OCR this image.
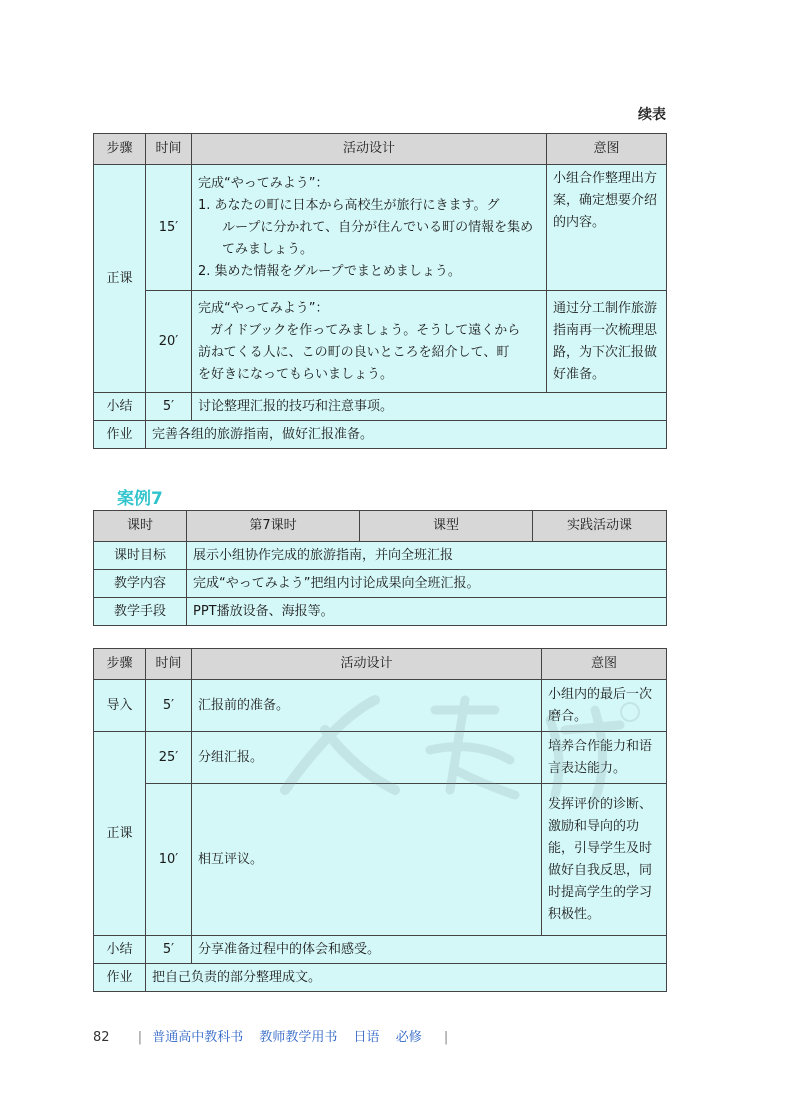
续表
步骤	时间	活动设计	意图
正课	15′	完成“やってみよう”：
1. あなたの町に日本から高校生が旅行にきます。グ
ループに分かれて、自分が住んでいる町の情報を集め
てみましょう。
2. 集めた情報をグループでまとめましょう。	小组合作整理出方案，确定想要介绍的内容。
	20′	完成“やってみよう”：
ガイドブックを作ってみましょう。そうして遠くから
訪ねてくる人に、この町の良いところを紹介して、町
を好きになってもらいましょう。	通过分工制作旅游指南再一次梳理思路，为下次汇报做好准备。
小结	5′	讨论整理汇报的技巧和注意事项。	
作业	完善各组的旅游指南，做好汇报准备。		
案例7
课时	第7课时	课型	实践活动课
课时目标	展示小组协作完成的旅游指南，并向全班汇报		
教学内容	完成“やってみよう”把组内讨论成果向全班汇报。		
教学手段	PPT播放设备、海报等。		
步骤	时间	活动设计	意图
导入	5′	汇报前的准备。	小组内的最后一次磨合。
正课	25′	分组汇报。	培养合作能力和语言表达能力。
	10′	相互评议。	发挥评价的诊断、激励和导向的功能，引导学生及时做好自我反思，同时提高学生的学习积极性。
小结	5′	分享准备过程中的体会和感受。	
作业	把自己负责的部分整理成文。		
82 | 普通高中教科书 教师教学用书 日语 必修 |
